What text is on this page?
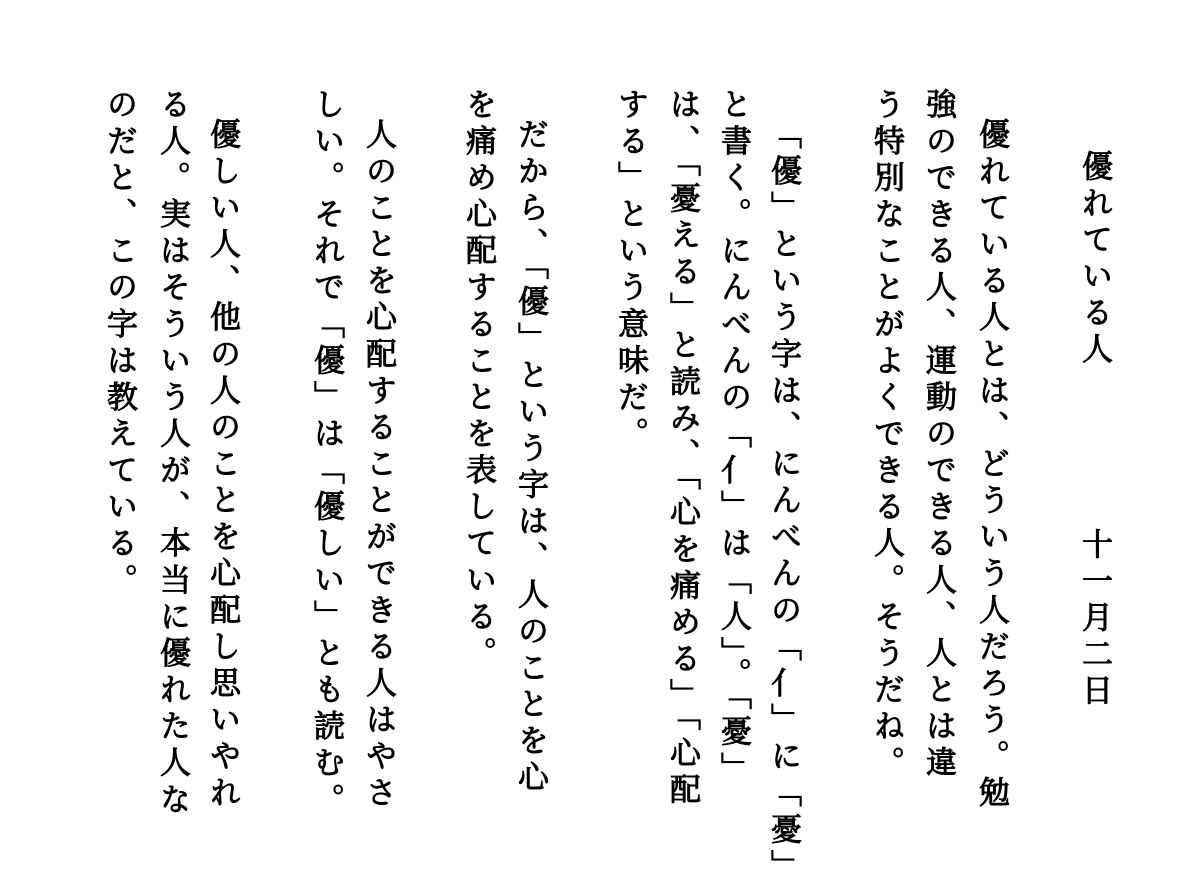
優れている人
十一月二日
優れている人とは、どういう人だろう。勉
強のできる人、運動のできる人、人とは違
う特別なことがよくできる人。そうだね。
「優」という字は、にんべんの「亻」に「憂」
と書く。にんべんの「亻」は「人」。「憂」
は、「憂える」と読み、「心を痛める」「心配
する」という意味だ。
だから、「優」という字は、人のことを心
を痛め心配することを表している。
人のことを心配することができる人はやさ
しい。それで「優」は「優しい」とも読む。
優しい人、他の人のことを心配し思いやれ
る人。実はそういう人が、本当に優れた人な
のだと、この字は教えている。
